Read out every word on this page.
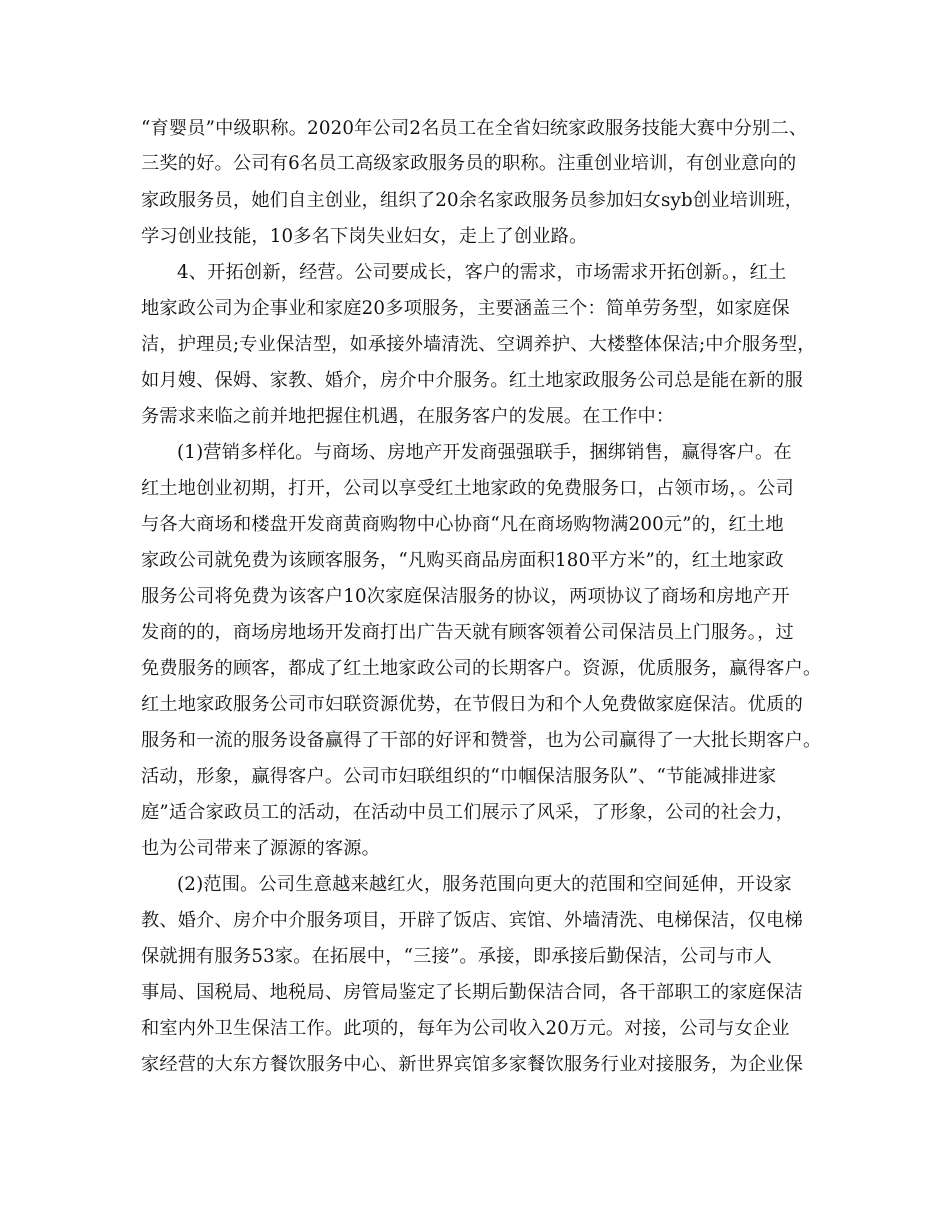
“育婴员”中级职称。2020年公司2名员工在全省妇统家政服务技能大赛中分别二、
三奖的好。公司有6名员工高级家政服务员的职称。注重创业培训，有创业意向的
家政服务员，她们自主创业，组织了20余名家政服务员参加妇女syb创业培训班，
学习创业技能，10多名下岗失业妇女，走上了创业路。
4、开拓创新，经营。公司要成长，客户的需求，市场需求开拓创新。，红土
地家政公司为企事业和家庭20多项服务，主要涵盖三个：简单劳务型，如家庭保
洁，护理员;专业保洁型，如承接外墙清洗、空调养护、大楼整体保洁;中介服务型，
如月嫂、保姆、家教、婚介，房介中介服务。红土地家政服务公司总是能在新的服
务需求来临之前并地把握住机遇，在服务客户的发展。在工作中：
(1)营销多样化。与商场、房地产开发商强强联手，捆绑销售，赢得客户。在
红土地创业初期，打开，公司以享受红土地家政的免费服务口，占领市场，。公司
与各大商场和楼盘开发商黄商购物中心协商“凡在商场购物满200元”的，红土地
家政公司就免费为该顾客服务，“凡购买商品房面积180平方米”的，红土地家政
服务公司将免费为该客户10次家庭保洁服务的协议，两项协议了商场和房地产开
发商的的，商场房地场开发商打出广告天就有顾客领着公司保洁员上门服务。，过
免费服务的顾客，都成了红土地家政公司的长期客户。资源，优质服务，赢得客户。
红土地家政服务公司市妇联资源优势，在节假日为和个人免费做家庭保洁。优质的
服务和一流的服务设备赢得了干部的好评和赞誉，也为公司赢得了一大批长期客户。
活动，形象，赢得客户。公司市妇联组织的“巾帼保洁服务队”、“节能减排进家
庭”适合家政员工的活动，在活动中员工们展示了风采，了形象，公司的社会力，
也为公司带来了源源的客源。
(2)范围。公司生意越来越红火，服务范围向更大的范围和空间延伸，开设家
教、婚介、房介中介服务项目，开辟了饭店、宾馆、外墙清洗、电梯保洁，仅电梯
保就拥有服务53家。在拓展中，“三接”。承接，即承接后勤保洁，公司与市人
事局、国税局、地税局、房管局鉴定了长期后勤保洁合同，各干部职工的家庭保洁
和室内外卫生保洁工作。此项的，每年为公司收入20万元。对接，公司与女企业
家经营的大东方餐饮服务中心、新世界宾馆多家餐饮服务行业对接服务，为企业保
